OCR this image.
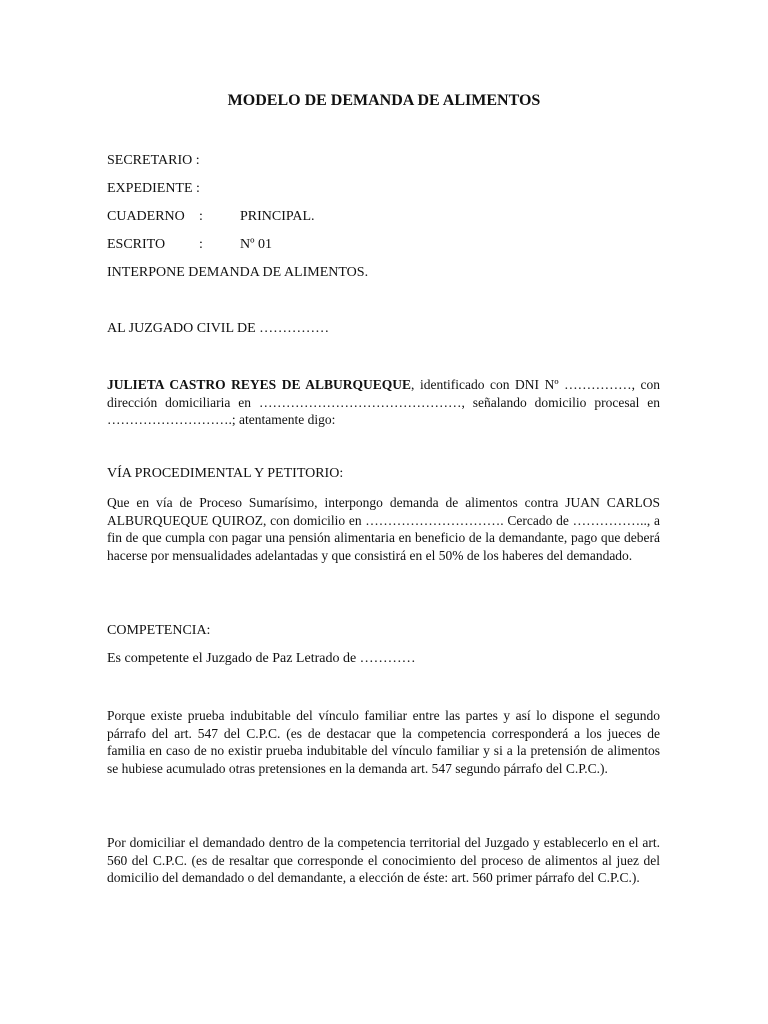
MODELO DE DEMANDA DE ALIMENTOS
SECRETARIO :
EXPEDIENTE :
CUADERNO :	PRINCIPAL.
ESCRITO :	Nº 01
INTERPONE DEMANDA DE ALIMENTOS.
AL JUZGADO CIVIL DE ……………
JULIETA CASTRO REYES DE ALBURQUEQUE, identificado con DNI Nº ……………, con dirección domiciliaria en ………………………………………, señalando domicilio procesal en ……………………….; atentamente digo:
VÍA PROCEDIMENTAL Y PETITORIO:
Que en vía de Proceso Sumarísimo, interpongo demanda de alimentos contra JUAN CARLOS ALBURQUEQUE QUIROZ, con domicilio en …………………………. Cercado de …………….., a fin de que cumpla con pagar una pensión alimentaria en beneficio de la demandante, pago que deberá hacerse por mensualidades adelantadas y que consistirá en el 50% de los haberes del demandado.
COMPETENCIA:
Es competente el Juzgado de Paz Letrado de …………
Porque existe prueba indubitable del vínculo familiar entre las partes y así lo dispone el segundo párrafo del art. 547 del C.P.C. (es de destacar que la competencia corresponderá a los jueces de familia en caso de no existir prueba indubitable del vínculo familiar y si a la pretensión de alimentos se hubiese acumulado otras pretensiones en la demanda art. 547 segundo párrafo del C.P.C.).
Por domiciliar el demandado dentro de la competencia territorial del Juzgado y establecerlo en el art. 560 del C.P.C. (es de resaltar que corresponde el conocimiento del proceso de alimentos al juez del domicilio del demandado o del demandante, a elección de éste: art. 560 primer párrafo del C.P.C.).
